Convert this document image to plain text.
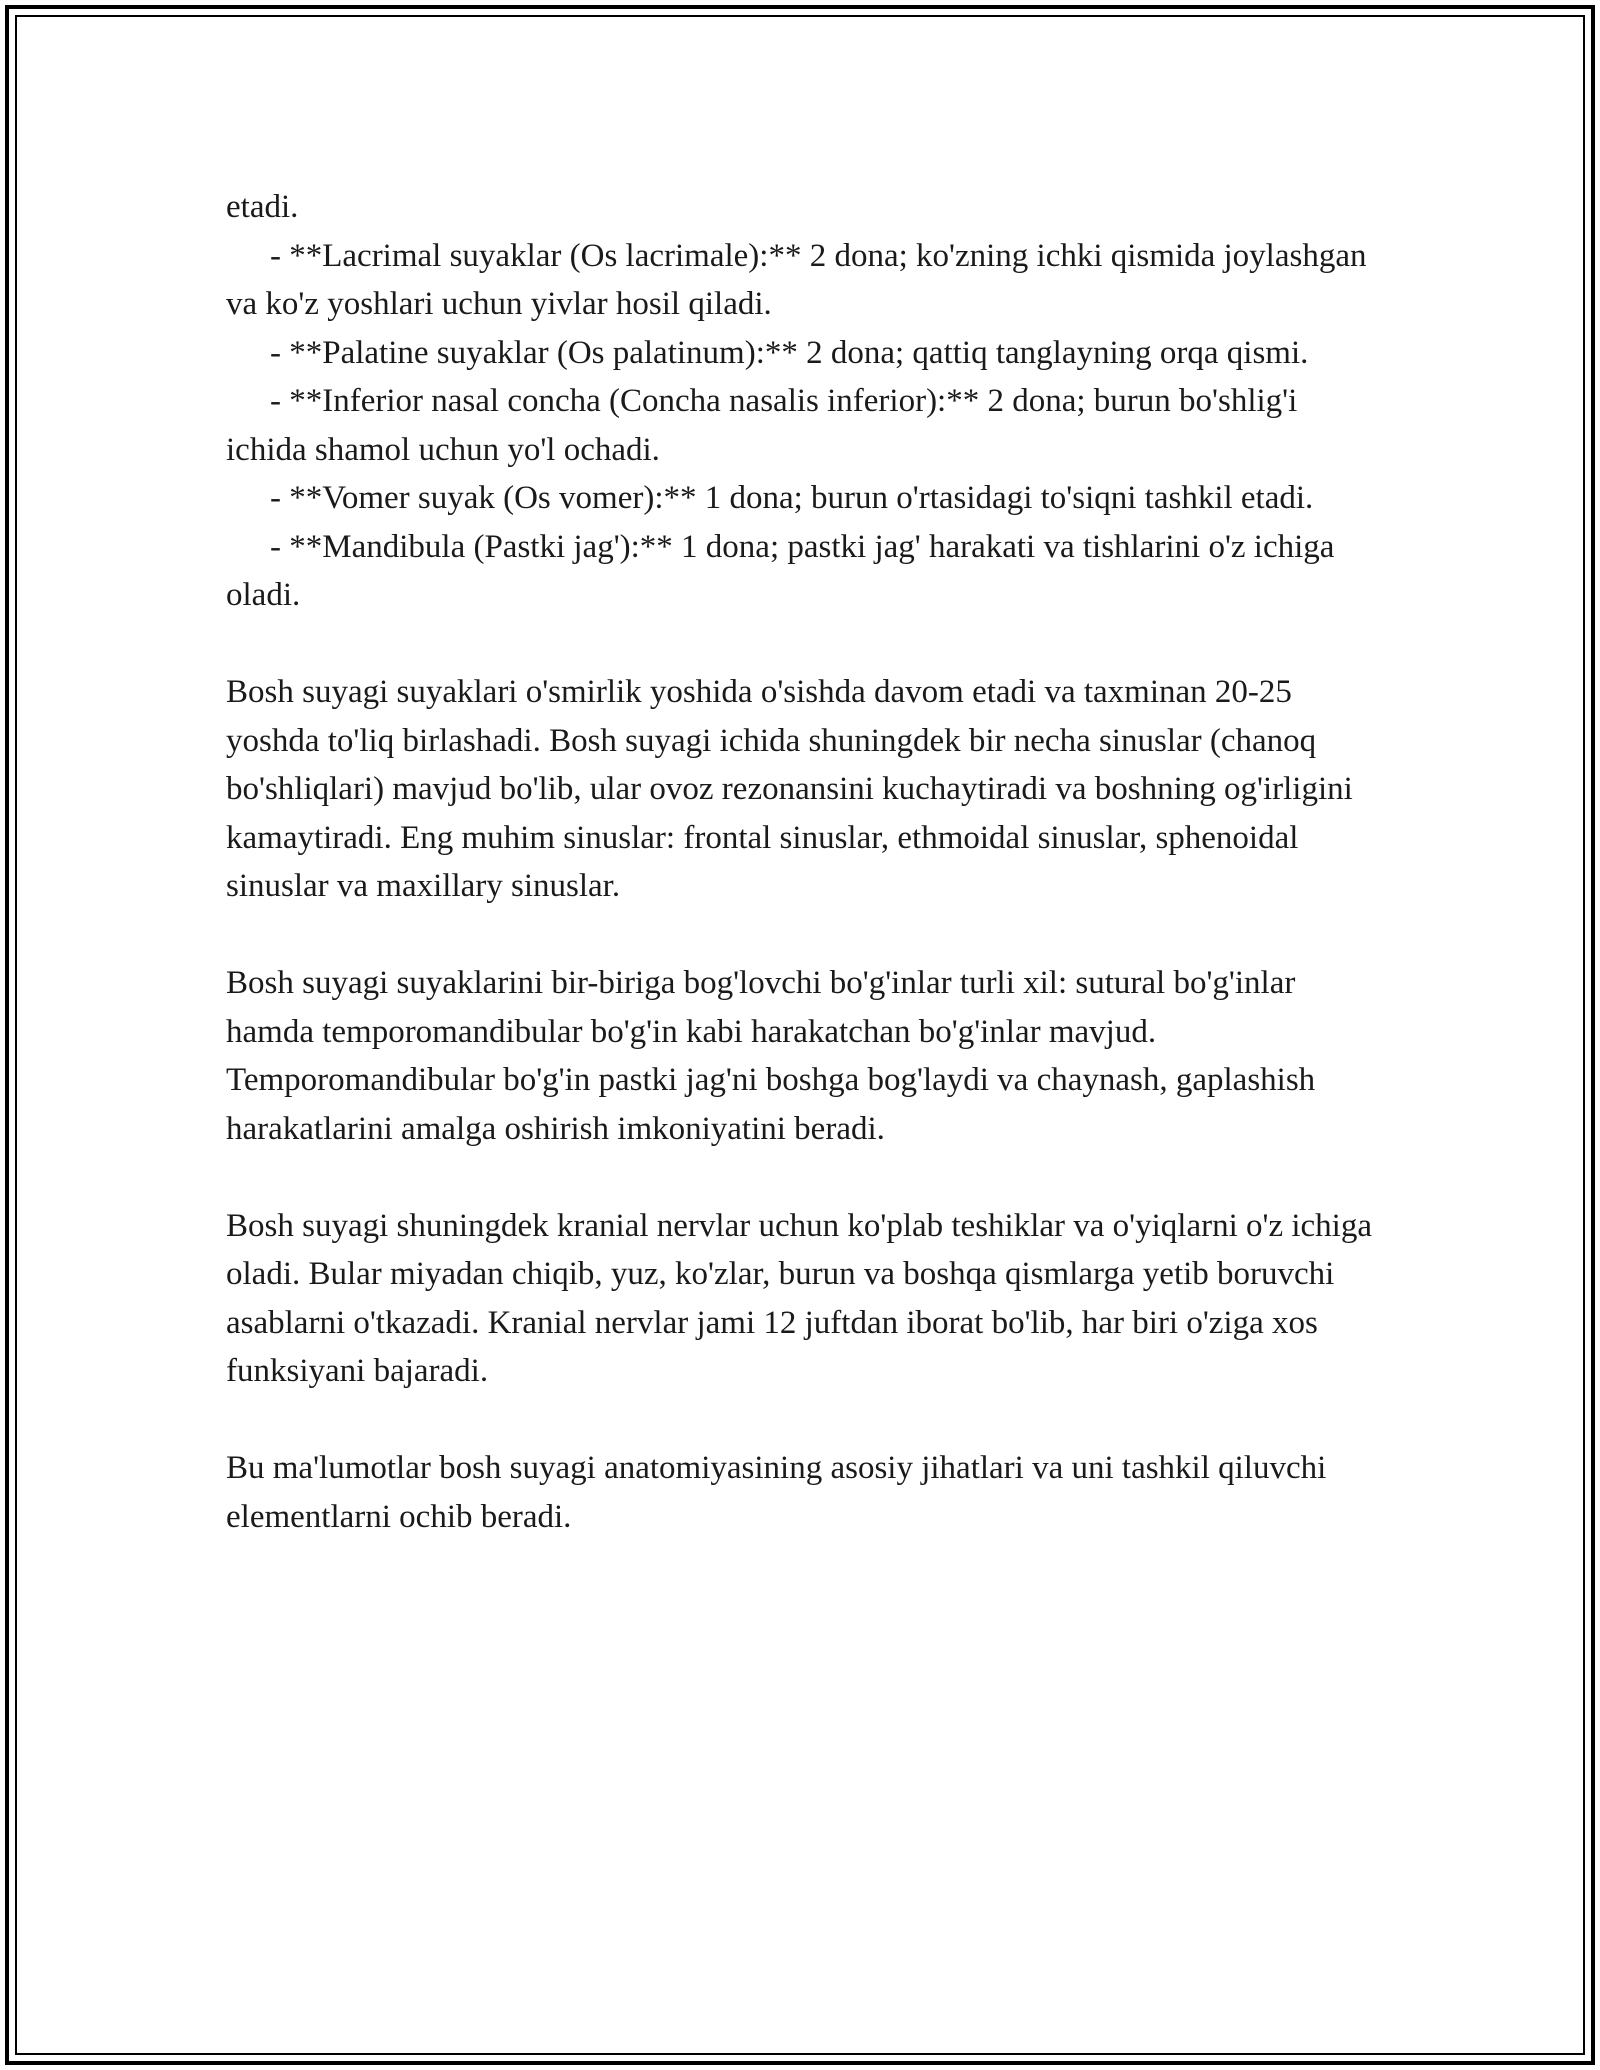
etadi.

- **Lacrimal suyaklar (Os lacrimale):** 2 dona; ko'zning ichki qismida joylashgan va ko'z yoshlari uchun yivlar hosil qiladi.

- **Palatine suyaklar (Os palatinum):** 2 dona; qattiq tanglayning orqa qismi.

- **Inferior nasal concha (Concha nasalis inferior):** 2 dona; burun bo'shlig'i ichida shamol uchun yo'l ochadi.

- **Vomer suyak (Os vomer):** 1 dona; burun o'rtasidagi to'siqni tashkil etadi.

- **Mandibula (Pastki jag'):** 1 dona; pastki jag' harakati va tishlarini o'z ichiga oladi.

Bosh suyagi suyaklari o'smirlik yoshida o'sishda davom etadi va taxminan 20-25 yoshda to'liq birlashadi. Bosh suyagi ichida shuningdek bir necha sinuslar (chanoq bo'shliqlari) mavjud bo'lib, ular ovoz rezonansini kuchaytiradi va boshning og'irligini kamaytiradi. Eng muhim sinuslar: frontal sinuslar, ethmoidal sinuslar, sphenoidal sinuslar va maxillary sinuslar.

Bosh suyagi suyaklarini bir-biriga bog'lovchi bo'g'inlar turli xil: sutural bo'g'inlar hamda temporomandibular bo'g'in kabi harakatchan bo'g'inlar mavjud. Temporomandibular bo'g'in pastki jag'ni boshga bog'laydi va chaynash, gaplashish harakatlarini amalga oshirish imkoniyatini beradi.

Bosh suyagi shuningdek kranial nervlar uchun ko'plab teshiklar va o'yiqlarni o'z ichiga oladi. Bular miyadan chiqib, yuz, ko'zlar, burun va boshqa qismlarga yetib boruvchi asablarni o'tkazadi. Kranial nervlar jami 12 juftdan iborat bo'lib, har biri o'ziga xos funksiyani bajaradi.

Bu ma'lumotlar bosh suyagi anatomiyasining asosiy jihatlari va uni tashkil qiluvchi elementlarni ochib beradi.
